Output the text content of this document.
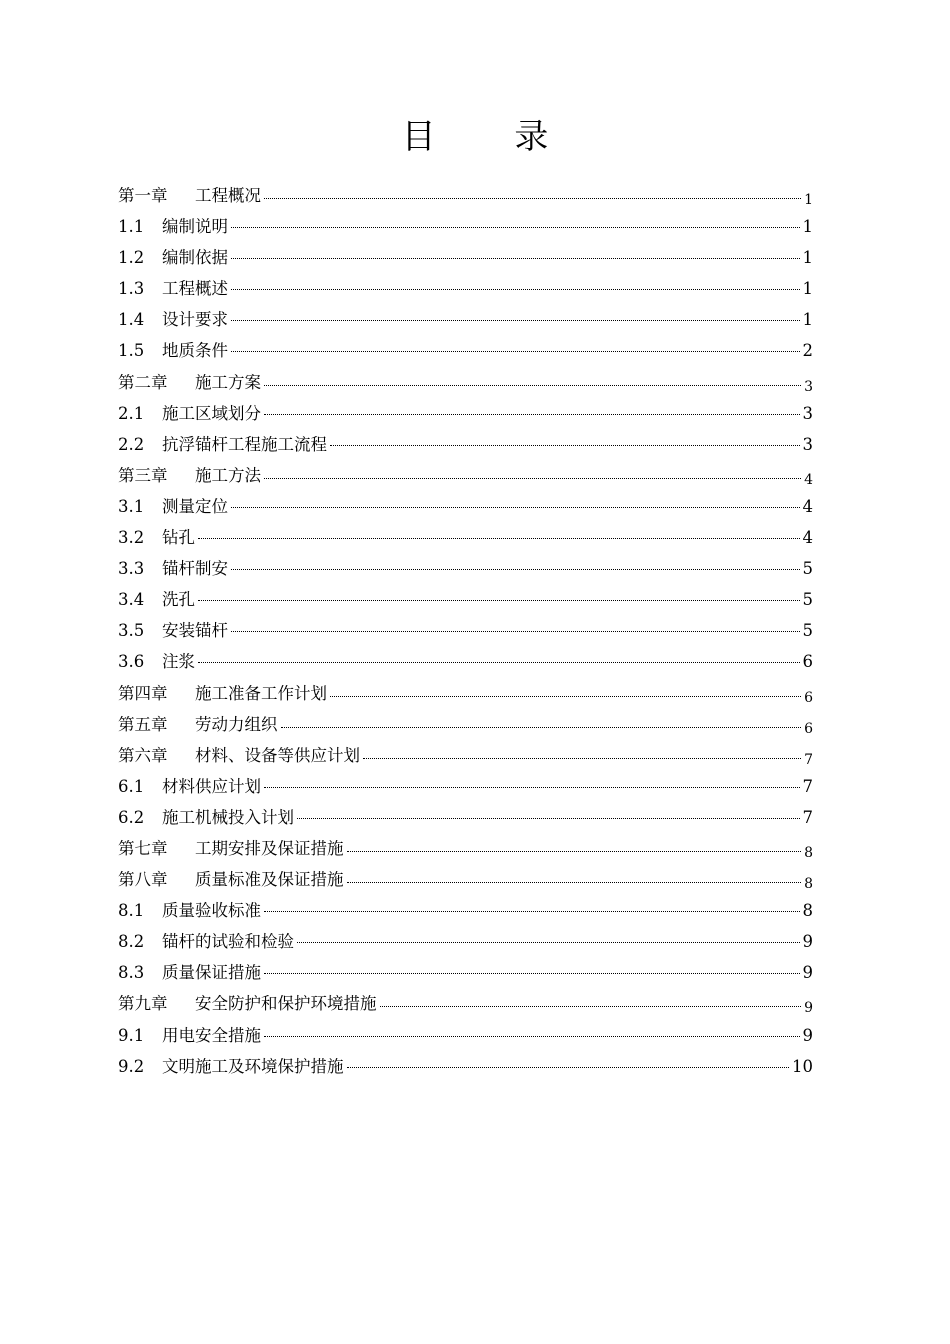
目 录
第一章	工程概况	1
1.1	编制说明	1
1.2	编制依据	1
1.3	工程概述	1
1.4	设计要求	1
1.5	地质条件	2
第二章	施工方案	3
2.1	施工区域划分	3
2.2	抗浮锚杆工程施工流程	3
第三章	施工方法	4
3.1	测量定位	4
3.2	钻孔	4
3.3	锚杆制安	5
3.4	洗孔	5
3.5	安装锚杆	5
3.6	注浆	6
第四章	施工准备工作计划	6
第五章	劳动力组织	6
第六章	材料、设备等供应计划	7
6.1	材料供应计划	7
6.2	施工机械投入计划	7
第七章	工期安排及保证措施	8
第八章	质量标准及保证措施	8
8.1	质量验收标准	8
8.2	锚杆的试验和检验	9
8.3	质量保证措施	9
第九章	安全防护和保护环境措施	9
9.1	用电安全措施	9
9.2	文明施工及环境保护措施	10
